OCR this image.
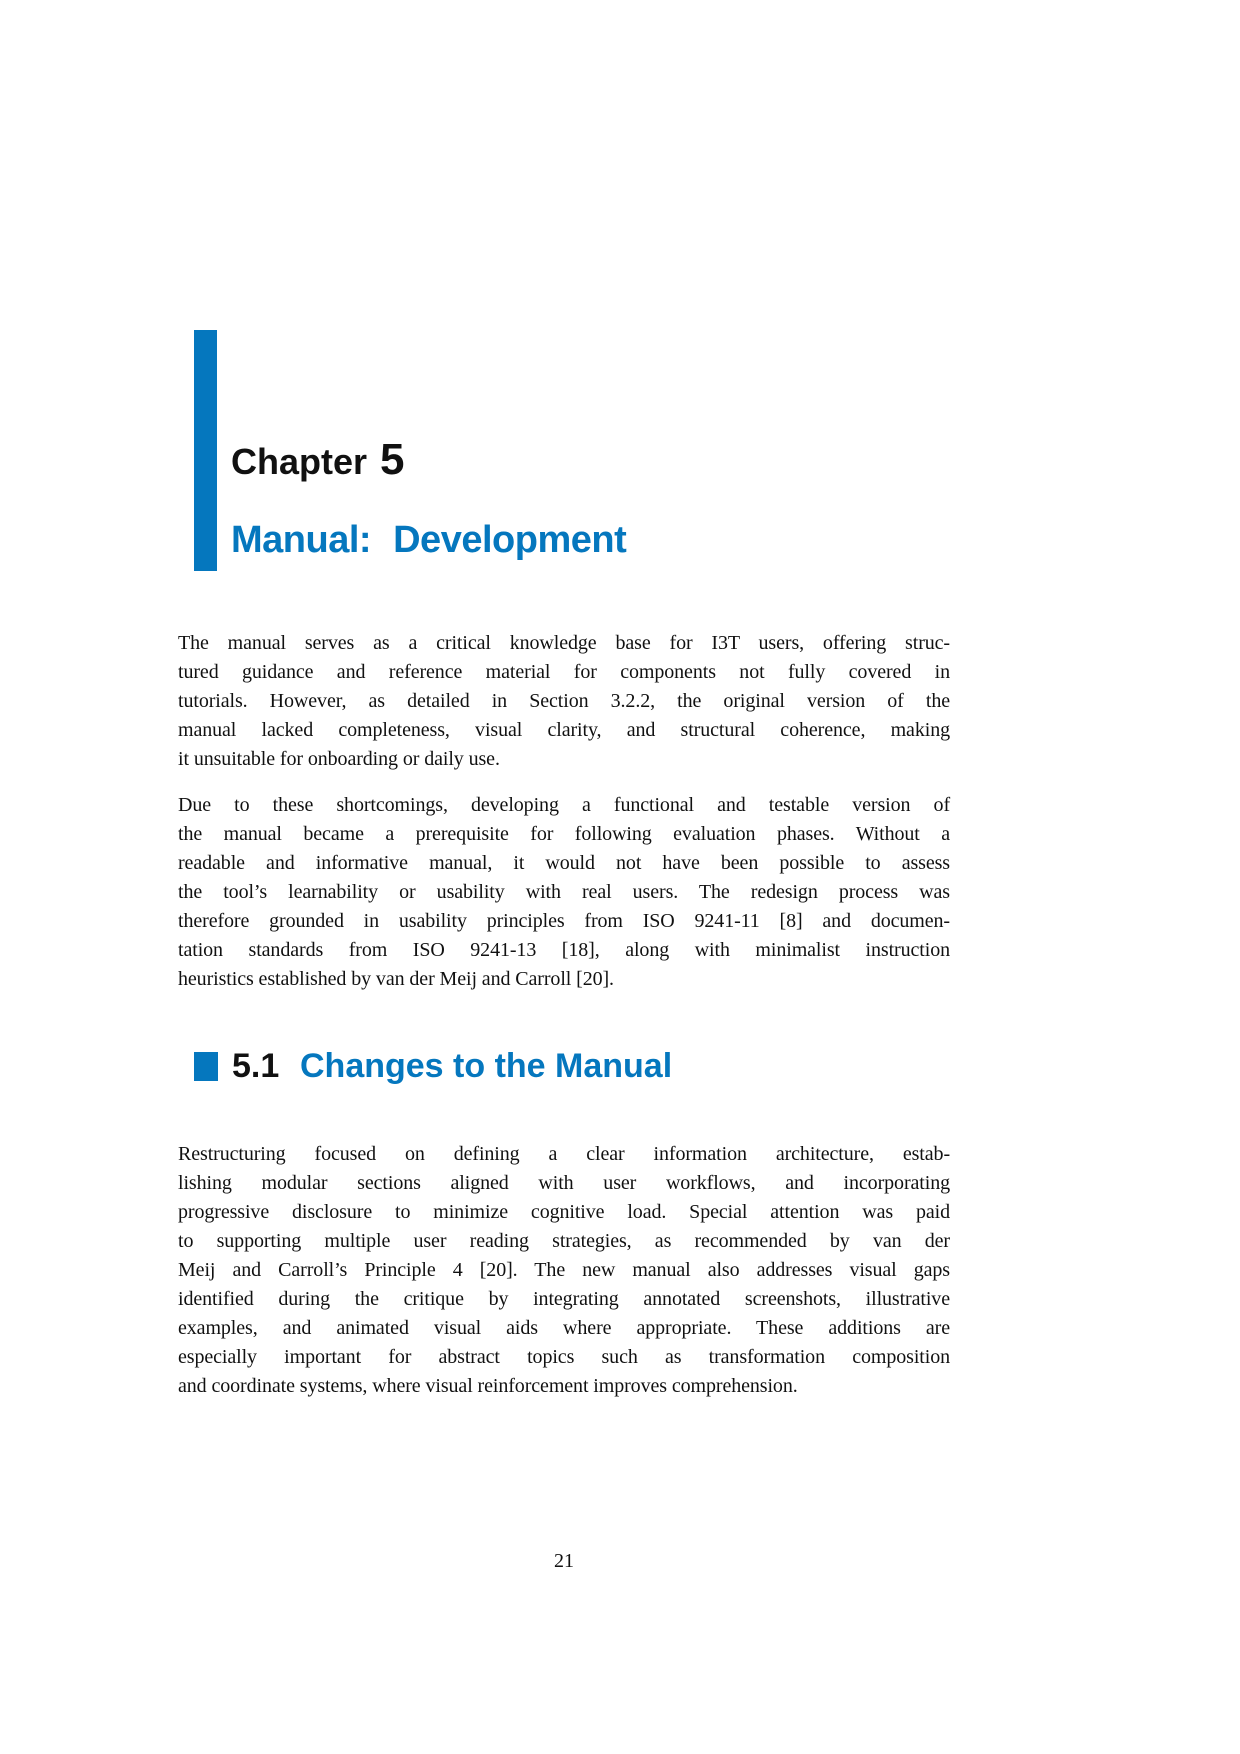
Chapter 5
Manual: Development
The manual serves as a critical knowledge base for I3T users, offering struc-
tured guidance and reference material for components not fully covered in
tutorials. However, as detailed in Section 3.2.2, the original version of the
manual lacked completeness, visual clarity, and structural coherence, making
it unsuitable for onboarding or daily use.
Due to these shortcomings, developing a functional and testable version of
the manual became a prerequisite for following evaluation phases. Without a
readable and informative manual, it would not have been possible to assess
the tool’s learnability or usability with real users. The redesign process was
therefore grounded in usability principles from ISO 9241-11 [8] and documen-
tation standards from ISO 9241-13 [18], along with minimalist instruction
heuristics established by van der Meij and Carroll [20].
5.1 Changes to the Manual
Restructuring focused on defining a clear information architecture, estab-
lishing modular sections aligned with user workflows, and incorporating
progressive disclosure to minimize cognitive load. Special attention was paid
to supporting multiple user reading strategies, as recommended by van der
Meij and Carroll’s Principle 4 [20]. The new manual also addresses visual gaps
identified during the critique by integrating annotated screenshots, illustrative
examples, and animated visual aids where appropriate. These additions are
especially important for abstract topics such as transformation composition
and coordinate systems, where visual reinforcement improves comprehension.
21
